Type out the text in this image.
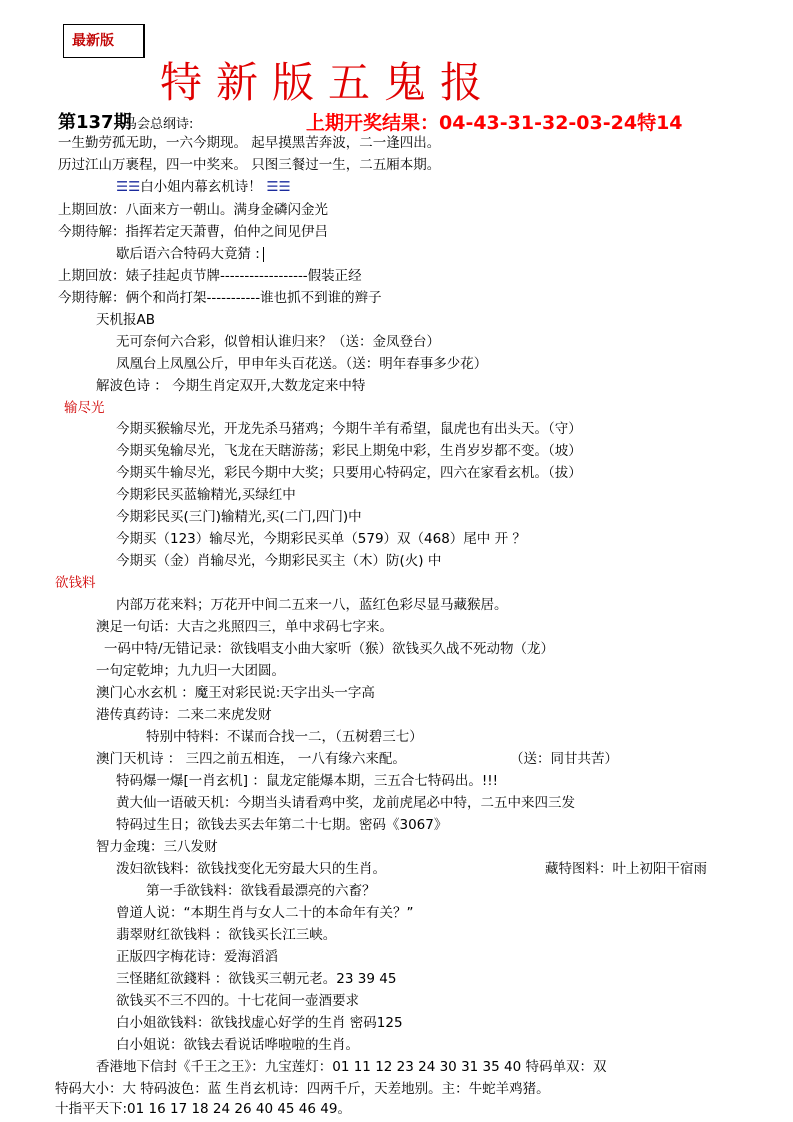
最新版
特新版五鬼报
第137期
马会总纲诗:	上期开奖结果：04-43-31-32-03-24特14
一生勤劳孤无助，一六今期现。 起早摸黑苦奔波，二一逢四出。
历过江山万裹程，四一中奖来。 只图三餐过一生，二五厢本期。
☰☰白小姐内幕玄机诗！ ☰☰
上期回放：八面来方一朝山。满身金磷闪金光
今期待解：指挥若定天萧曹，伯仲之间见伊吕
歇后语六合特码大竟猜 :
上期回放：婊子挂起贞节牌------------------假装正经
今期待解：俩个和尚打架-----------谁也抓不到谁的辫子
天机报AB
无可奈何六合彩，似曾相认谁归来？（送：金凤登台）
凤凰台上凤凰公斤，甲申年头百花送。（送：明年春事多少花）
解波色诗 ： 今期生肖定双开,大数龙定来中特
输尽光
今期买猴输尽光，开龙先杀马猪鸡；今期牛羊有希望，鼠虎也有出头天。（守）
今期买兔输尽光，飞龙在天瞎游荡；彩民上期兔中彩，生肖岁岁都不变。（坡）
今期买牛输尽光，彩民今期中大奖；只要用心特码定，四六在家看玄机。（拔）
今期彩民买蓝输精光,买绿红中
今期彩民买(三门)输精光,买(二门,四门)中
今期买（123）输尽光，今期彩民买单（579）双（468）尾中 开 ？
今期买（金）肖输尽光，今期彩民买主（木）防(火) 中
欲钱料
内部万花来料；万花开中间二五来一八，蓝红色彩尽显马藏猴居。
澳足一句话：大吉之兆照四三，单中求码七字来。
一码中特/无错记录：欲钱唱支小曲大家听（猴）欲钱买久战不死动物（龙）
一句定乾坤；九九归一大团圆。
澳门心水玄机 ：魔王对彩民说:天字出头一字高
港传真药诗：二来二来虎发财
特别中特料：不谋而合找一二，（五树碧三七）
澳门天机诗 ： 三四之前五相连， 一八有缘六来配。	（送：同甘共苦）
特码爆一爆[一肖玄机] ：鼠龙定能爆本期，三五合七特码出。!!!
黄大仙一语破天机：今期当头请看鸡中奖，龙前虎尾必中特，二五中来四三发
特码过生日；欲钱去买去年第二十七期。密码《3067》
智力金瑰：三八发财
泼妇欲钱料：欲钱找变化无穷最大只的生肖。	藏特图料：叶上初阳干宿雨
第一手欲钱料：欲钱看最漂亮的六畜？
曾道人说：“本期生肖与女人二十的本命年有关？”
翡翠财红欲钱料 ：欲钱买长江三峡。
正版四字梅花诗：爱海滔滔
三怪賭紅欲錢料 ：欲钱买三朝元老。23 39 45
欲钱买不三不四的。十七花间一壶酒要求
白小姐欲钱料：欲钱找虚心好学的生肖 密码125
白小姐说：欲钱去看说话哗啦啦的生肖。
香港地下信封《千王之王》：九宝莲灯：01 11 12 23 24 30 31 35 40 特码单双：双
特码大小：大 特码波色：蓝 生肖玄机诗：四两千斤，天差地别。主：牛蛇羊鸡猪。
十指平天下:01 16 17 18 24 26 40 45 46 49。
